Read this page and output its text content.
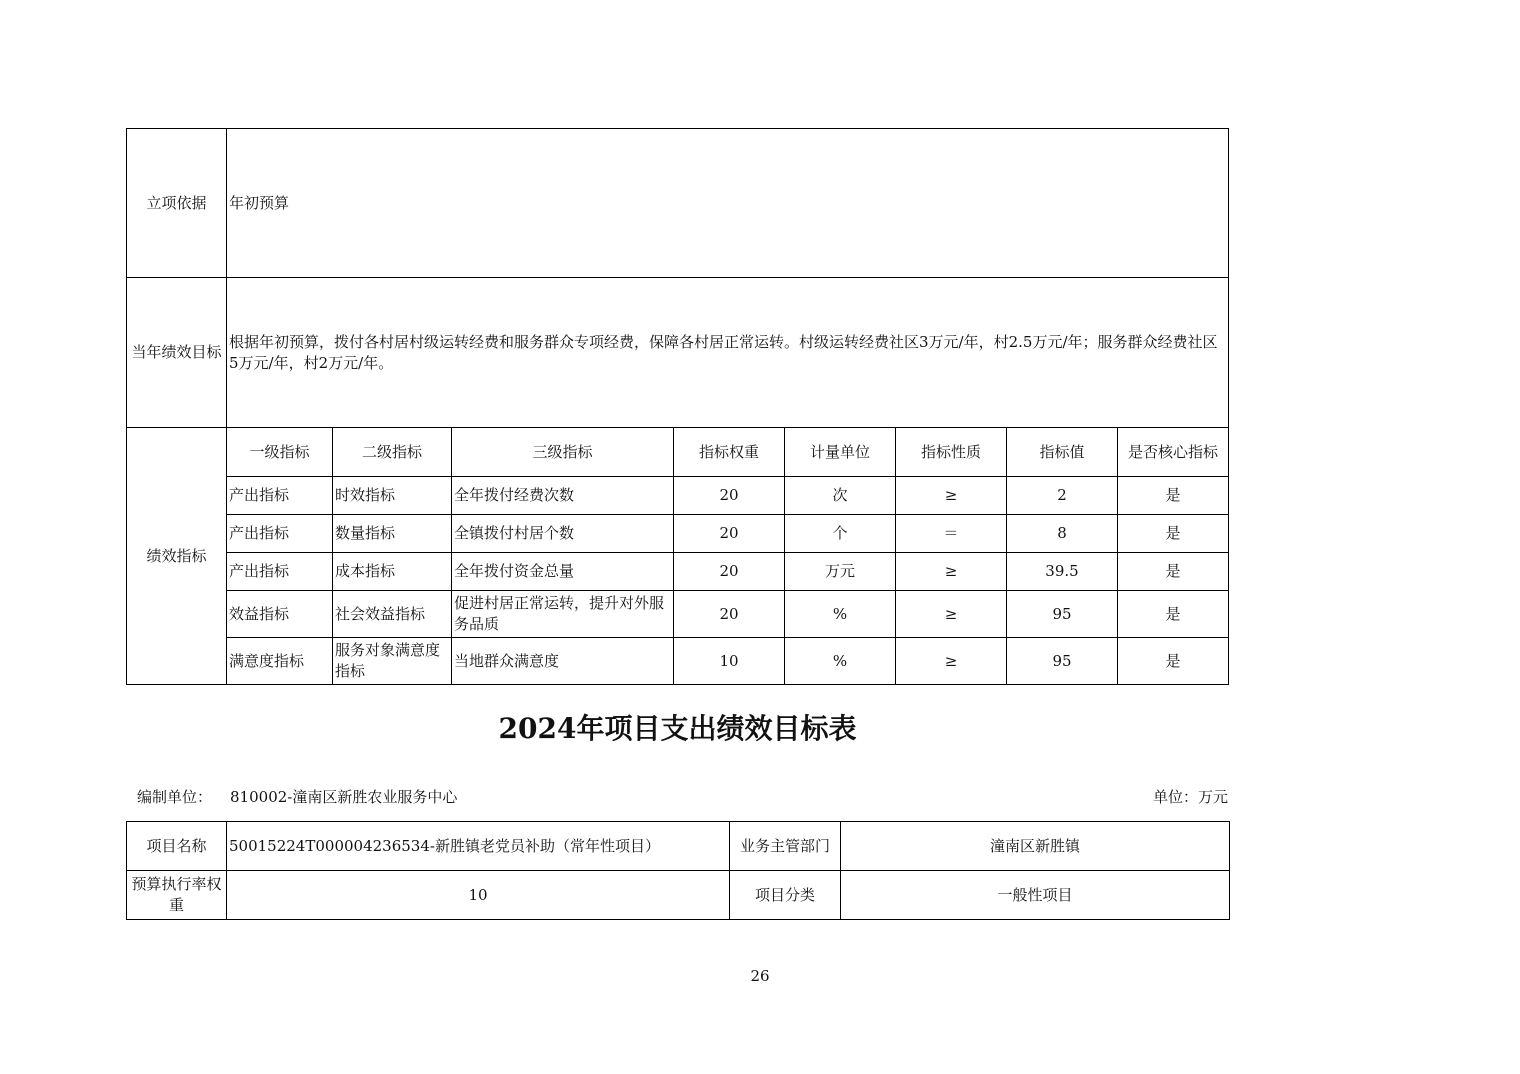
立项依据	年初预算							
当年绩效目标	根据年初预算，拨付各村居村级运转经费和服务群众专项经费，保障各村居正常运转。村级运转经费社区3万元/年，村2.5万元/年；服务群众经费社区5万元/年，村2万元/年。							
绩效指标	一级指标	二级指标	三级指标	指标权重	计量单位	指标性质	指标值	是否核心指标
	产出指标	时效指标	全年拨付经费次数	20	次	≥	2	是
	产出指标	数量指标	全镇拨付村居个数	20	个	＝	8	是
	产出指标	成本指标	全年拨付资金总量	20	万元	≥	39.5	是
	效益指标	社会效益指标	促进村居正常运转，提升对外服务品质	20	%	≥	95	是
	满意度指标	服务对象满意度指标	当地群众满意度	10	%	≥	95	是
2024年项目支出绩效目标表
编制单位： 810002-潼南区新胜农业服务中心	单位：万元
项目名称	50015224T000004236534-新胜镇老党员补助（常年性项目）	业务主管部门	潼南区新胜镇
预算执行率权重	10	项目分类	一般性项目
26
